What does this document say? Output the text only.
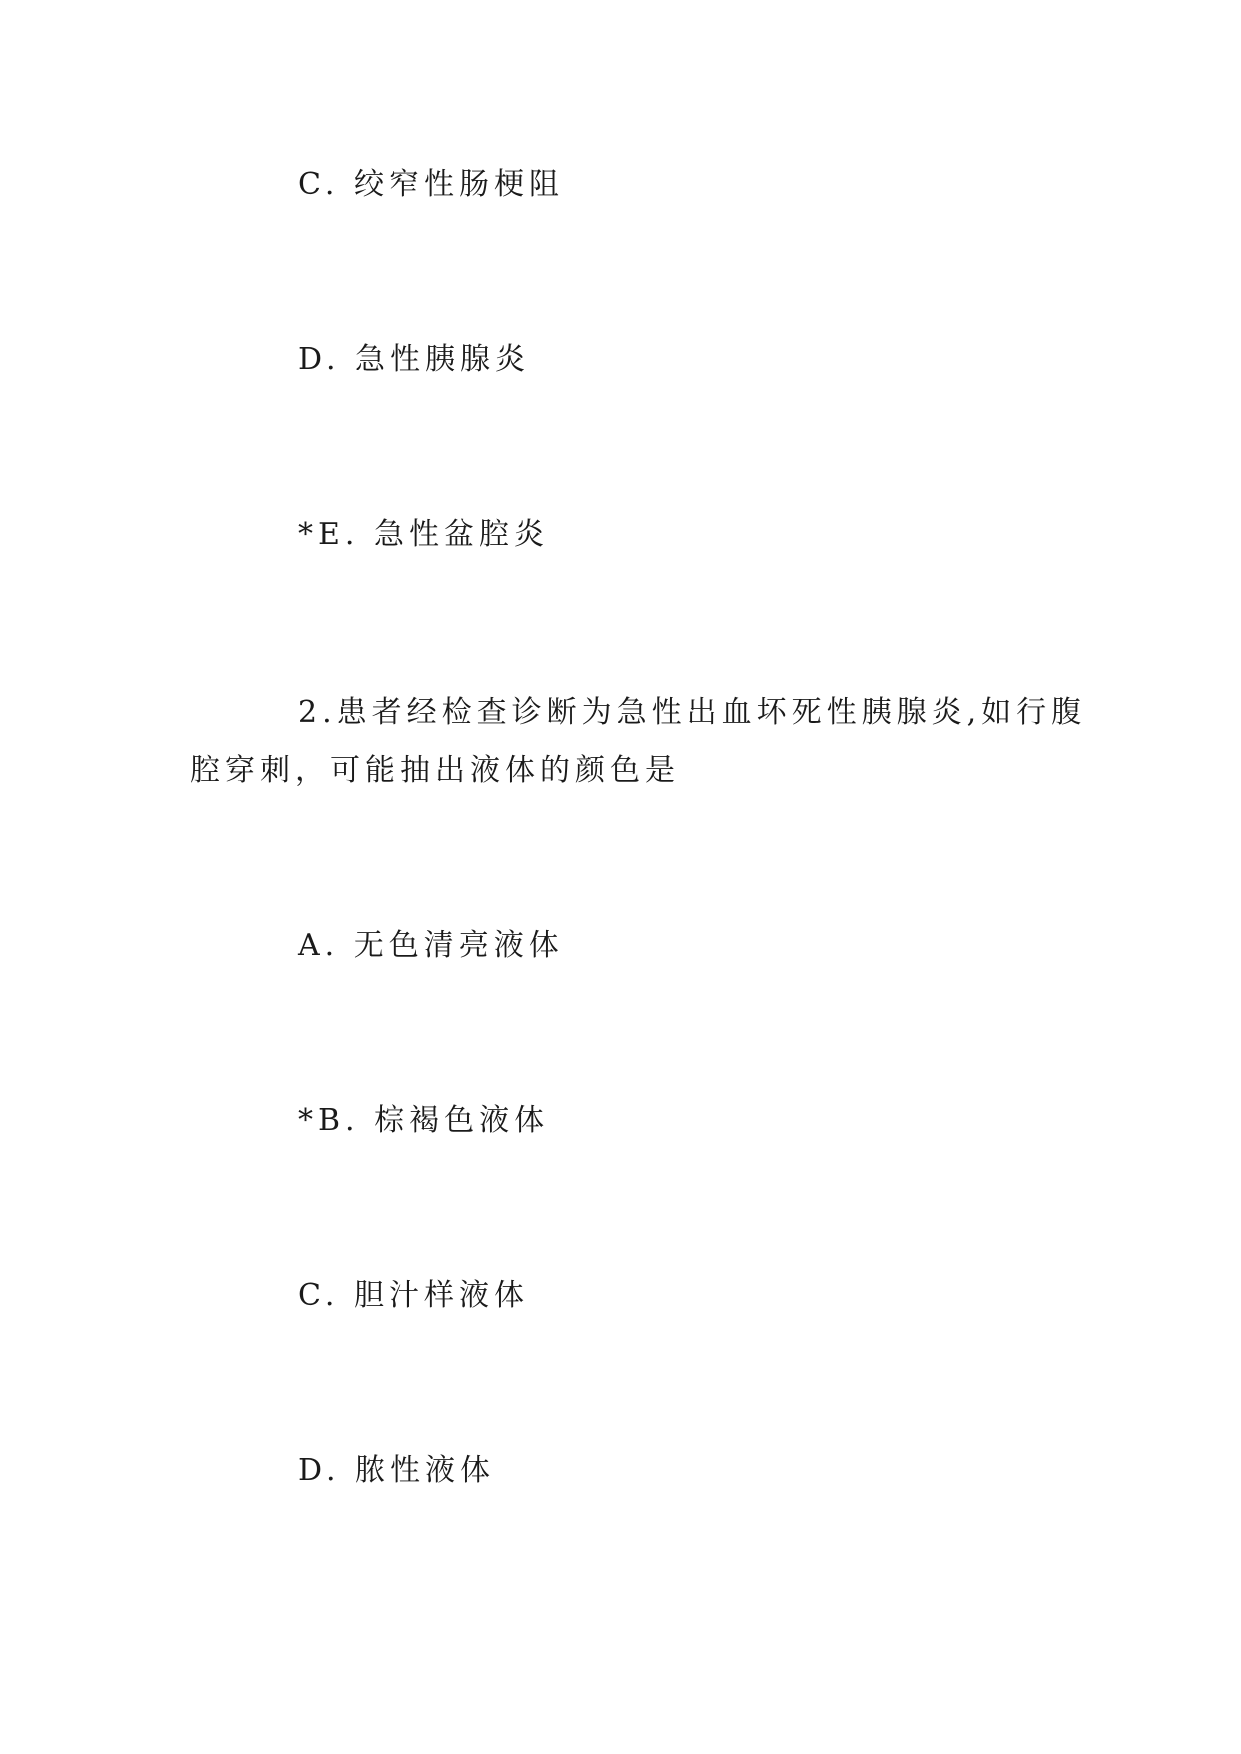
C. 绞窄性肠梗阻
D. 急性胰腺炎
*E. 急性盆腔炎
2.患者经检查诊断为急性出血坏死性胰腺炎,如行腹
腔穿刺，可能抽出液体的颜色是
A. 无色清亮液体
*B. 棕褐色液体
C. 胆汁样液体
D. 脓性液体
